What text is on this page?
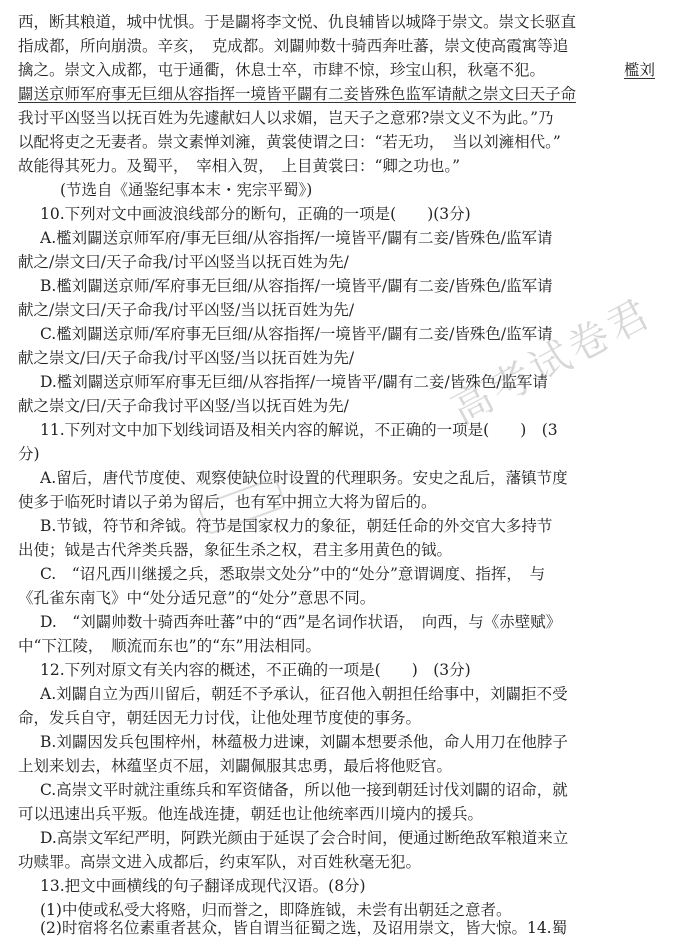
西，断其粮道，城中忧惧。于是闢将李文悦、仇良辅皆以城降于崇文。崇文长驱直
指成都，所向崩溃。辛亥，　克成都。刘闢帅数十骑西奔吐蕃，崇文使高霞寓等追
擒之。崇文入成都，屯于通衢，休息士卒，市肆不惊，珍宝山积，秋毫不犯。	檻刘
闢送京师军府事无巨细从容指挥一境皆平闢有二妾皆殊色监军请献之崇文曰天子命
我讨平凶竖当以抚百姓为先遽献妇人以求媚，岂天子之意邪?崇文义不为此。”乃
以配将吏之无妻者。崇文素惮刘澭，黄裳使谓之曰：“若无功，　当以刘澭相代。”
故能得其死力。及蜀平，　宰相入贺，　上目黄裳曰：“卿之功也。”
(节选自《通鉴纪事本末・宪宗平蜀》)
10.下列对文中画波浪线部分的断句，正确的一项是(　　)(3分)
A.檻刘闢送京师军府/事无巨细/从容指挥/一境皆平/闢有二妾/皆殊色/监军请
献之/崇文曰/天子命我/讨平凶竖当以抚百姓为先/
B.檻刘闢送京师/军府事无巨细/从容指挥/一境皆平/闢有二妾/皆殊色/监军请
献之/崇文曰/天子命我/讨平凶竖/当以抚百姓为先/
C.檻刘闢送京师/军府事无巨细/从容指挥/一境皆平/闢有二妾/皆殊色/监军请
献之崇文/曰/天子命我/讨平凶竖/当以抚百姓为先/
D.檻刘闢送京师军府事无巨细/从容指挥/一境皆平/闢有二妾/皆殊色/监军请
献之崇文/曰/天子命我讨平凶竖/当以抚百姓为先/
11.下列对文中加下划线词语及相关内容的解说，不正确的一项是(　　)　(3
分)
A.留后，唐代节度使、观察使缺位时设置的代理职务。安史之乱后，藩镇节度
使多于临死时请以子弟为留后，也有军中拥立大将为留后的。
B.节钺，符节和斧钺。符节是国家权力的象征，朝廷任命的外交官大多持节
出使；钺是古代斧类兵器，象征生杀之权，君主多用黄色的钺。
C.　“诏凡西川继援之兵，悉取崇文处分”中的“处分”意谓调度、指挥，　与
《孔雀东南飞》中“处分适兄意”的“处分”意思不同。
D.　“刘闢帅数十骑西奔吐蕃”中的“西”是名词作状语，　向西，与《赤壁赋》
中“下江陵，　顺流而东也”的“东”用法相同。
12.下列对原文有关内容的概述，不正确的一项是(　　)　(3分)
A.刘闢自立为西川留后，朝廷不予承认，征召他入朝担任给事中，刘闢拒不受
命，发兵自守，朝廷因无力讨伐，让他处理节度使的事务。
B.刘闢因发兵包围梓州，林蕴极力进谏，刘闢本想要杀他，命人用刀在他脖子
上划来划去，林蕴坚贞不屈，刘闢佩服其忠勇，最后将他贬官。
C.高崇文平时就注重练兵和军资储备，所以他一接到朝廷讨伐刘闢的诏命，就
可以迅速出兵平叛。他连战连捷，朝廷也让他统率西川境内的援兵。
D.高崇文军纪严明，阿跌光颜由于延误了会合时间，便通过断绝敌军粮道来立
功赎罪。高崇文进入成都后，约束军队，对百姓秋毫无犯。
13.把文中画横线的句子翻译成现代汉语。(8分)
(1)中使或私受大将赂，归而誉之，即降旌钺，未尝有出朝廷之意者。
(2)时宿将名位素重者甚众，皆自谓当征蜀之选，及诏用崇文，皆大惊。14.蜀
高考试卷君
